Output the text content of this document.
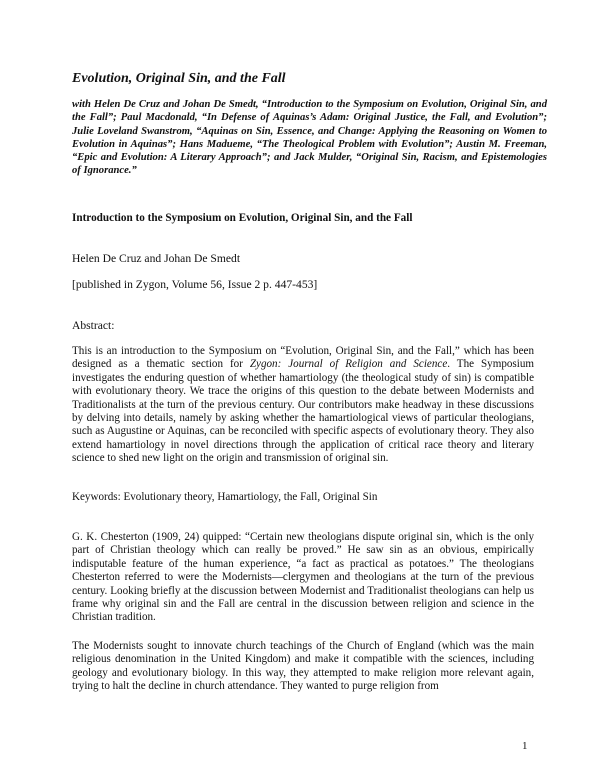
Evolution, Original Sin, and the Fall
with Helen De Cruz and Johan De Smedt, “Introduction to the Symposium on Evolution, Original Sin, and the Fall”; Paul Macdonald, “In Defense of Aquinas’s Adam: Original Justice, the Fall, and Evolution”; Julie Loveland Swanstrom, “Aquinas on Sin, Essence, and Change: Applying the Reasoning on Women to Evolution in Aquinas”; Hans Madueme, “The Theological Problem with Evolution”; Austin M. Freeman, “Epic and Evolution: A Literary Approach”; and Jack Mulder, “Original Sin, Racism, and Epistemologies of Ignorance.”
Introduction to the Symposium on Evolution, Original Sin, and the Fall
Helen De Cruz and Johan De Smedt
[published in Zygon, Volume 56, Issue 2 p. 447-453]
Abstract:

This is an introduction to the Symposium on “Evolution, Original Sin, and the Fall,” which has been designed as a thematic section for Zygon: Journal of Religion and Science. The Symposium investigates the enduring question of whether hamartiology (the theological study of sin) is compatible with evolutionary theory. We trace the origins of this question to the debate between Modernists and Traditionalists at the turn of the previous century. Our contributors make headway in these discussions by delving into details, namely by asking whether the hamartiological views of particular theologians, such as Augustine or Aquinas, can be reconciled with specific aspects of evolutionary theory. They also extend hamartiology in novel directions through the application of critical race theory and literary science to shed new light on the origin and transmission of original sin.

Keywords: Evolutionary theory, Hamartiology, the Fall, Original Sin

G. K. Chesterton (1909, 24) quipped: “Certain new theologians dispute original sin, which is the only part of Christian theology which can really be proved.” He saw sin as an obvious, empirically indisputable feature of the human experience, “a fact as practical as potatoes.” The theologians Chesterton referred to were the Modernists—clergymen and theologians at the turn of the previous century. Looking briefly at the discussion between Modernist and Traditionalist theologians can help us frame why original sin and the Fall are central in the discussion between religion and science in the Christian tradition.

The Modernists sought to innovate church teachings of the Church of England (which was the main religious denomination in the United Kingdom) and make it compatible with the sciences, including geology and evolutionary biology. In this way, they attempted to make religion more relevant again, trying to halt the decline in church attendance. They wanted to purge religion from

1
